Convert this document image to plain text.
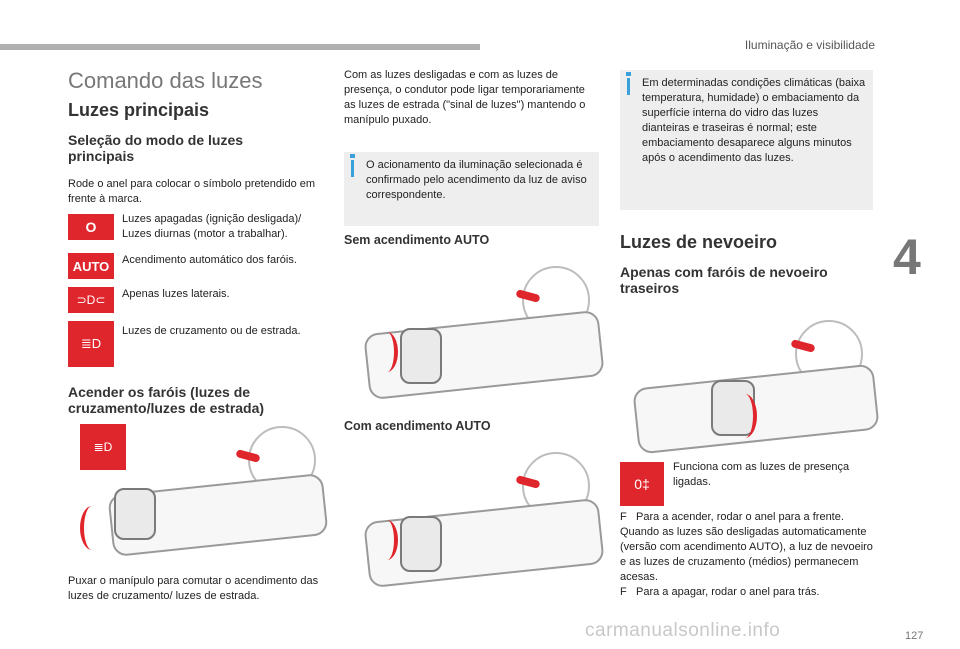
Iluminação e visibilidade
4
127
Comando das luzes
Luzes principais
Seleção do modo de luzes principais
Rode o anel para colocar o símbolo pretendido em frente à marca.
O Luzes apagadas (ignição desligada)/ Luzes diurnas (motor a trabalhar).
AUTO Acendimento automático dos faróis.
⊃D⊂ Apenas luzes laterais.
≣D
Luzes de cruzamento ou de estrada.
Acender os faróis (luzes de cruzamento/luzes de estrada)
≣D
Puxar o manípulo para comutar o acendimento das luzes de cruzamento/ luzes de estrada.
Com as luzes desligadas e com as luzes de presença, o condutor pode ligar temporariamente as luzes de estrada ("sinal de luzes") mantendo o manípulo puxado.
O acionamento da iluminação selecionada é confirmado pelo acendimento da luz de aviso correspondente.
Sem acendimento AUTO
Com acendimento AUTO
Em determinadas condições climáticas (baixa temperatura, humidade) o embaciamento da superfície interna do vidro das luzes dianteiras e traseiras é normal; este embaciamento desaparece alguns minutos após o acendimento das luzes.
Luzes de nevoeiro
Apenas com faróis de nevoeiro traseiros
0‡
Funciona com as luzes de presença ligadas.
F Para a acender, rodar o anel para a frente.
Quando as luzes são desligadas automaticamente (versão com acendimento AUTO), a luz de nevoeiro e as luzes de cruzamento (médios) permanecem acesas.
F Para a apagar, rodar o anel para trás.
carmanualsonline.info
